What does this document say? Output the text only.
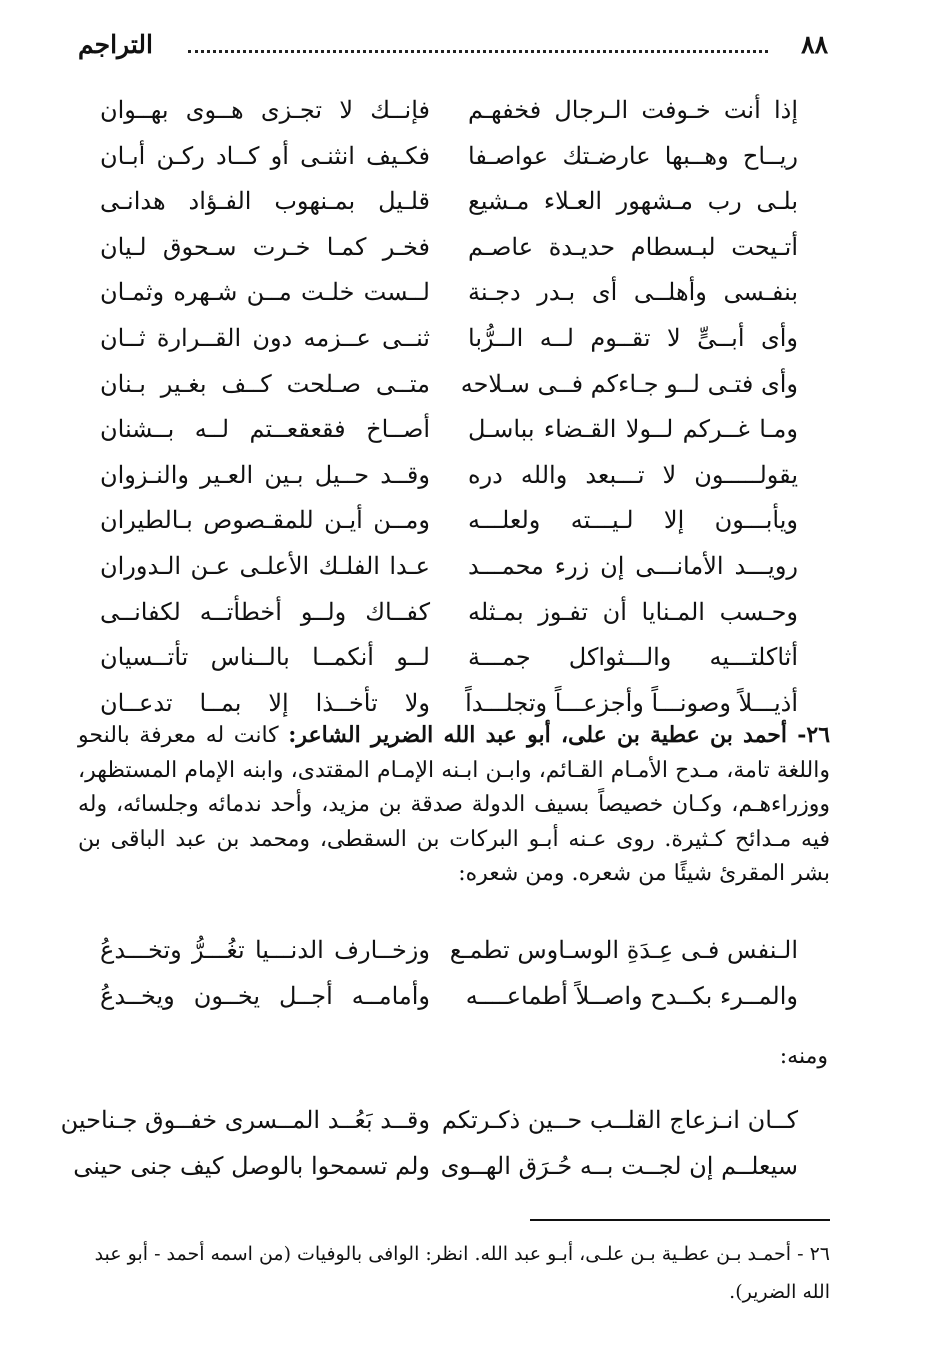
٨٨
التراجم
إذا أنت خـوفت الـرجال فخفهـم
فإنــك لا تجـزى هــوى بهــوان
ريــاح وهــبها عارضـتك عواصـفا
فكـيف انثنـى أو كــاد ركـن أبـان
بلـى رب مـشهور العـلاء مـشيع
قلـيل بمـنهوب الفـؤاد هدانـى
أتـيحت لبـسطام حديـدة عاصـم
فخـر كمـا خـرت سـحوق لـيان
بنفـسى وأهلــى أى بـدر دجـنة
لــست خلـت مــن شـهره وثمـان
وأى أبــىٍّ لا تقــوم لــه الــرُّبا
ثنــى عــزمه دون القــرارة ثــان
وأى فتـى لــو جـاءكم فــى سـلاحه
متــى صـلحت كــف بغـير بـنان
ومـا غــركم لــولا القـضاء بباسـل
أصــاخ فقعقعــتم لــه بــشنان
يقولـــــون لا تـــبعد والله دره
وقــد حــيل بـين العـير والنـزوان
ويأبـــون إلا لـيـــته ولعلـــه
ومــن أيـن للمقـصوص بـالطيران
رويـــد الأمانـــى إن زرء محمـــد
عـدا الفلـك الأعلـى عـن الـدوران
وحـسب المـنايا أن تفـوز بمـثله
كفــاك ولــو أخطأتــه لكفانــى
أثاكلتـــيه والـــثواكل جمـــة
لــو أنكمــا بالــناس تأتــسيان
أذيـــلاً وصونـــاً وأجزعـــاً وتجلـــداً
ولا تأخــذا إلا بمــا تدعــان
٢٦- أحمد بن عطية بن على، أبو عبد الله الضرير الشاعر: كانت له معرفة بالنحو واللغة تامة، مـدح الأمـام القـائم، وابـن ابـنه الإمـام المقتدى، وابنه الإمام المستظهر، ووزراءهـم، وكـان خصيصاً بسيف الدولة صدقة بن مزيد، وأحد ندمائه وجلسائه، وله فيه مـدائح كـثيرة. روى عـنه أبـو البركات بن السقطى، ومحمد بن عبد الباقى بن بشر المقرئ شيئًا من شعره. ومن شعره:
الـنفس فـى عِـدَةِ الوسـاوس تطمـع
وزخــارف الدنـــيا تغُـــرُّ وتخـــدعُ
والمــرء بكــدح واصــلاً أطماعــــه
وأمامــه أجــل يخــون ويخــدعُ
ومنه:
كــان انـزعاج القلــب حــين ذكـرتكم
وقــد بَعُــد المــسرى خفــوق جـناحين
سيعلــم إن لجــت بــه حُـرَق الهــوى
ولم تسمحوا بالوصل كيف جنى حينى
٢٦ - أحمـد بـن عطـية بـن علـى، أبـو عبد الله. انظر: الوافى بالوفيات (من اسمه أحمد - أبو عبد الله الضرير).
